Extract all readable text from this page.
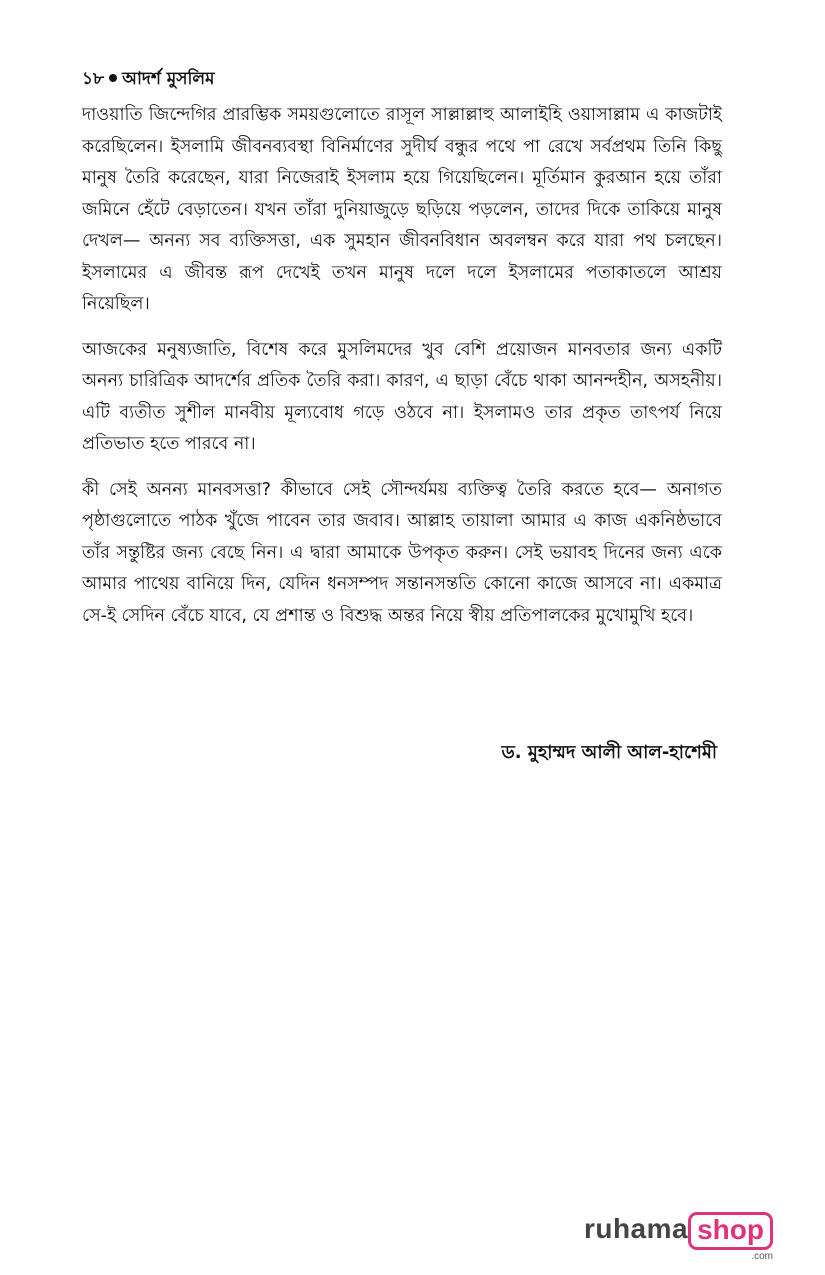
১৮ আদর্শ মুসলিম

দাওয়াতি জিন্দেগির প্রারম্ভিক সময়গুলোতে রাসূল সাল্লাল্লাহু আলাইহি ওয়াসাল্লাম এ কাজটাই করেছিলেন। ইসলামি জীবনব্যবস্থা বিনির্মাণের সুদীর্ঘ বন্ধুর পথে পা রেখে সর্বপ্রথম তিনি কিছু মানুষ তৈরি করেছেন, যারা নিজেরাই ইসলাম হয়ে গিয়েছিলেন। মূর্তিমান কুরআন হয়ে তাঁরা জমিনে হেঁটে বেড়াতেন। যখন তাঁরা দুনিয়াজুড়ে ছড়িয়ে পড়লেন, তাদের দিকে তাকিয়ে মানুষ দেখল— অনন্য সব ব্যক্তিসত্তা, এক সুমহান জীবনবিধান অবলম্বন করে যারা পথ চলছেন। ইসলামের এ জীবন্ত রূপ দেখেই তখন মানুষ দলে দলে ইসলামের পতাকাতলে আশ্রয় নিয়েছিল।

আজকের মনুষ্যজাতি, বিশেষ করে মুসলিমদের খুব বেশি প্রয়োজন মানবতার জন্য একটি অনন্য চারিত্রিক আদর্শের প্রতিক তৈরি করা। কারণ, এ ছাড়া বেঁচে থাকা আনন্দহীন, অসহনীয়। এটি ব্যতীত সুশীল মানবীয় মূল্যবোধ গড়ে ওঠবে না। ইসলামও তার প্রকৃত তাৎপর্য নিয়ে প্রতিভাত হতে পারবে না।

কী সেই অনন্য মানবসত্তা? কীভাবে সেই সৌন্দর্যময় ব্যক্তিত্ব তৈরি করতে হবে— অনাগত পৃষ্ঠাগুলোতে পাঠক খুঁজে পাবেন তার জবাব। আল্লাহ তায়ালা আমার এ কাজ একনিষ্ঠভাবে তাঁর সন্তুষ্টির জন্য বেছে নিন। এ দ্বারা আমাকে উপকৃত করুন। সেই ভয়াবহ দিনের জন্য একে আমার পাথেয় বানিয়ে দিন, যেদিন ধনসম্পদ সন্তানসন্ততি কোনো কাজে আসবে না। একমাত্র সে-ই সেদিন বেঁচে যাবে, যে প্রশান্ত ও বিশুদ্ধ অন্তর নিয়ে স্বীয় প্রতিপালকের মুখোমুখি হবে।

ড. মুহাম্মদ আলী আল-হাশেমী
ruhama shop
.com
